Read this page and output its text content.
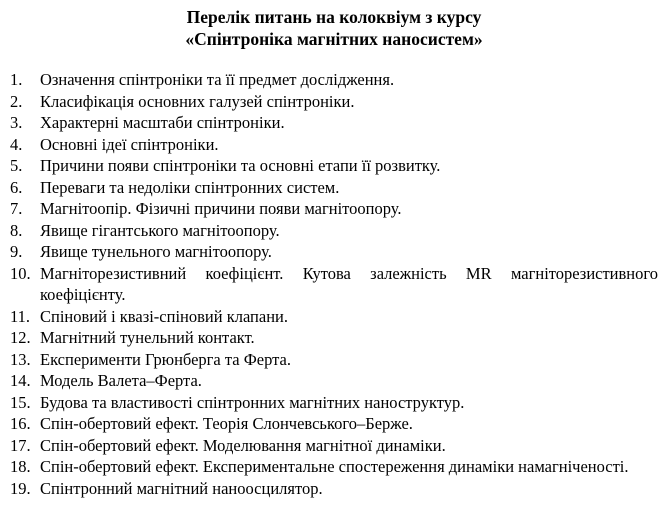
Перелік питань на колоквіум з курсу
«Спінтроніка магнітних наносистем»
1.	Означення спінтроніки та її предмет дослідження.
2.	Класифікація основних галузей спінтроніки.
3.	Характерні масштаби спінтроніки.
4.	Основні ідеї спінтроніки.
5.	Причини появи спінтроніки та основні етапи її розвитку.
6.	Переваги та недоліки спінтронних систем.
7.	Магнітоопір. Фізичні причини появи магнітоопору.
8.	Явище гігантського магнітоопору.
9.	Явище тунельного магнітоопору.
10. Магніторезистивний коефіцієнт. Кутова залежність MR магніторезистивного коефіцієнту.
11. Спіновий і квазі-спіновий клапани.
12. Магнітний тунельний контакт.
13. Експерименти Грюнберга та Ферта.
14. Модель Валета–Ферта.
15. Будова та властивості спінтронних магнітних наноструктур.
16. Спін-обертовий ефект. Теорія Слончевського–Берже.
17. Спін-обертовий ефект. Моделювання магнітної динаміки.
18. Спін-обертовий ефект. Експериментальне спостереження динаміки намагніченості.
19. Спінтронний магнітний наноосцилятор.
